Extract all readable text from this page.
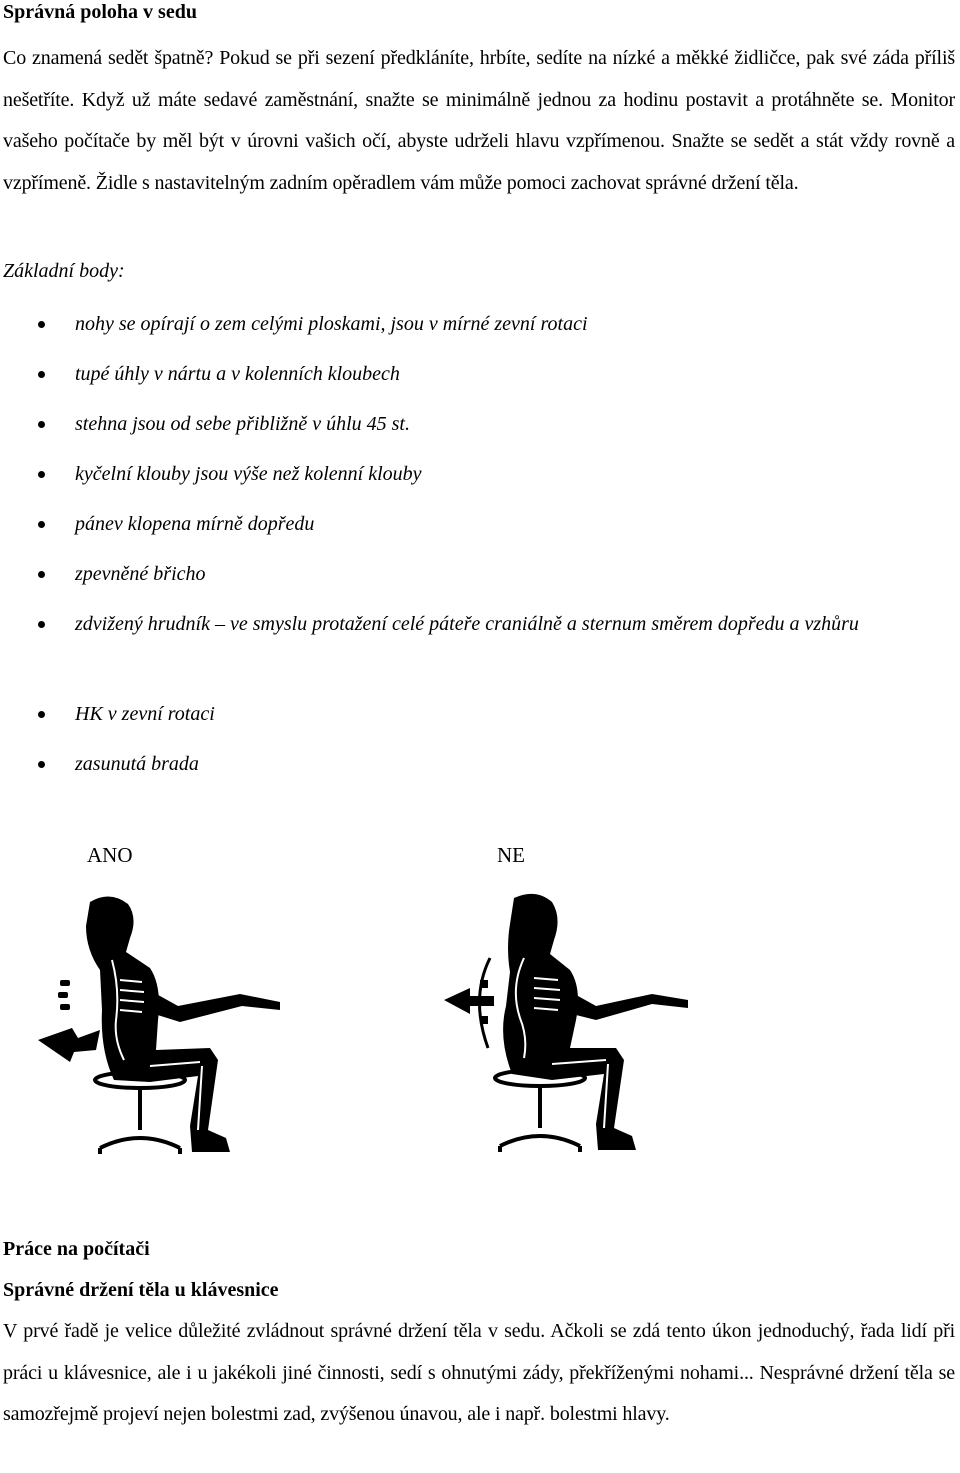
Správná poloha v sedu
Co znamená sedět špatně? Pokud se při sezení předkláníte, hrbíte, sedíte na nízké a měkké židličce, pak své záda příliš nešetříte. Když už máte sedavé zaměstnání, snažte se minimálně jednou za hodinu postavit a protáhněte se. Monitor vašeho počítače by měl být v úrovni vašich očí, abyste udrželi hlavu vzpřímenou. Snažte se sedět a stát vždy rovně a vzpřímeně. Židle s nastavitelným zadním opěradlem vám může pomoci zachovat správné držení těla.
Základní body:
nohy se opírají o zem celými ploskami, jsou v mírné zevní rotaci
tupé úhly v nártu a v kolenních kloubech
stehna jsou od sebe přibližně v úhlu 45 st.
kyčelní klouby jsou výše než kolenní klouby
pánev klopena mírně dopředu
zpevněné břicho
zdvižený hrudník – ve smyslu protažení celé páteře craniálně a sternum směrem dopředu a vzhůru
HK v zevní rotaci
zasunutá brada
ANO	NE
Práce na počítači
Správné držení těla u klávesnice
V prvé řadě je velice důležité zvládnout správné držení těla v sedu. Ačkoli se zdá tento úkon jednoduchý, řada lidí při práci u klávesnice, ale i u jakékoli jiné činnosti, sedí s ohnutými zády, překříženými nohami... Nesprávné držení těla se samozřejmě projeví nejen bolestmi zad, zvýšenou únavou, ale i např. bolestmi hlavy.
